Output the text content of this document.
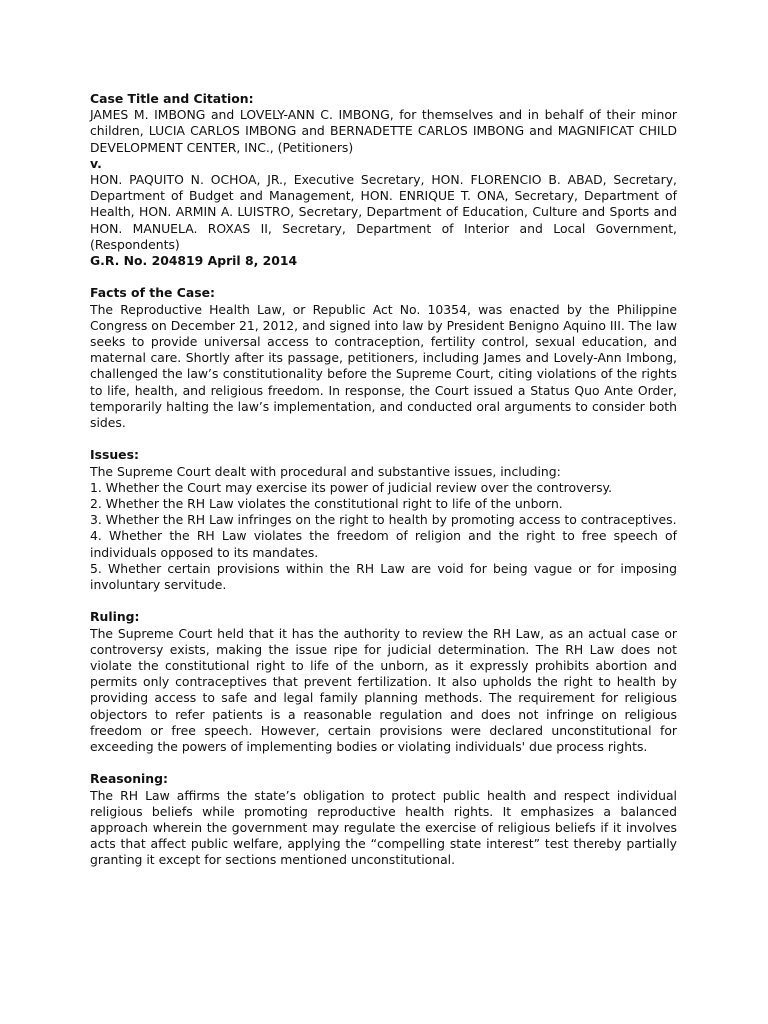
Case Title and Citation:

JAMES M. IMBONG and LOVELY-ANN C. IMBONG, for themselves and in behalf of their minor children, LUCIA CARLOS IMBONG and BERNADETTE CARLOS IMBONG and MAGNIFICAT CHILD DEVELOPMENT CENTER, INC., (Petitioners)

v.

HON. PAQUITO N. OCHOA, JR., Executive Secretary, HON. FLORENCIO B. ABAD, Secretary, Department of Budget and Management, HON. ENRIQUE T. ONA, Secretary, Department of Health, HON. ARMIN A. LUISTRO, Secretary, Department of Education, Culture and Sports and HON. MANUELA. ROXAS II, Secretary, Department of Interior and Local Government, (Respondents)

G.R. No. 204819 April 8, 2014

Facts of the Case:

The Reproductive Health Law, or Republic Act No. 10354, was enacted by the Philippine Congress on December 21, 2012, and signed into law by President Benigno Aquino III. The law seeks to provide universal access to contraception, fertility control, sexual education, and maternal care. Shortly after its passage, petitioners, including James and Lovely-Ann Imbong, challenged the law’s constitutionality before the Supreme Court, citing violations of the rights to life, health, and religious freedom. In response, the Court issued a Status Quo Ante Order, temporarily halting the law’s implementation, and conducted oral arguments to consider both sides.

Issues:

The Supreme Court dealt with procedural and substantive issues, including:

1. Whether the Court may exercise its power of judicial review over the controversy.

2. Whether the RH Law violates the constitutional right to life of the unborn.

3. Whether the RH Law infringes on the right to health by promoting access to contraceptives.

4. Whether the RH Law violates the freedom of religion and the right to free speech of individuals opposed to its mandates.

5. Whether certain provisions within the RH Law are void for being vague or for imposing involuntary servitude.

Ruling:

The Supreme Court held that it has the authority to review the RH Law, as an actual case or controversy exists, making the issue ripe for judicial determination. The RH Law does not violate the constitutional right to life of the unborn, as it expressly prohibits abortion and permits only contraceptives that prevent fertilization. It also upholds the right to health by providing access to safe and legal family planning methods. The requirement for religious objectors to refer patients is a reasonable regulation and does not infringe on religious freedom or free speech. However, certain provisions were declared unconstitutional for exceeding the powers of implementing bodies or violating individuals' due process rights.

Reasoning:

The RH Law affirms the state’s obligation to protect public health and respect individual religious beliefs while promoting reproductive health rights. It emphasizes a balanced approach wherein the government may regulate the exercise of religious beliefs if it involves acts that affect public welfare, applying the “compelling state interest” test thereby partially granting it except for sections mentioned unconstitutional.
